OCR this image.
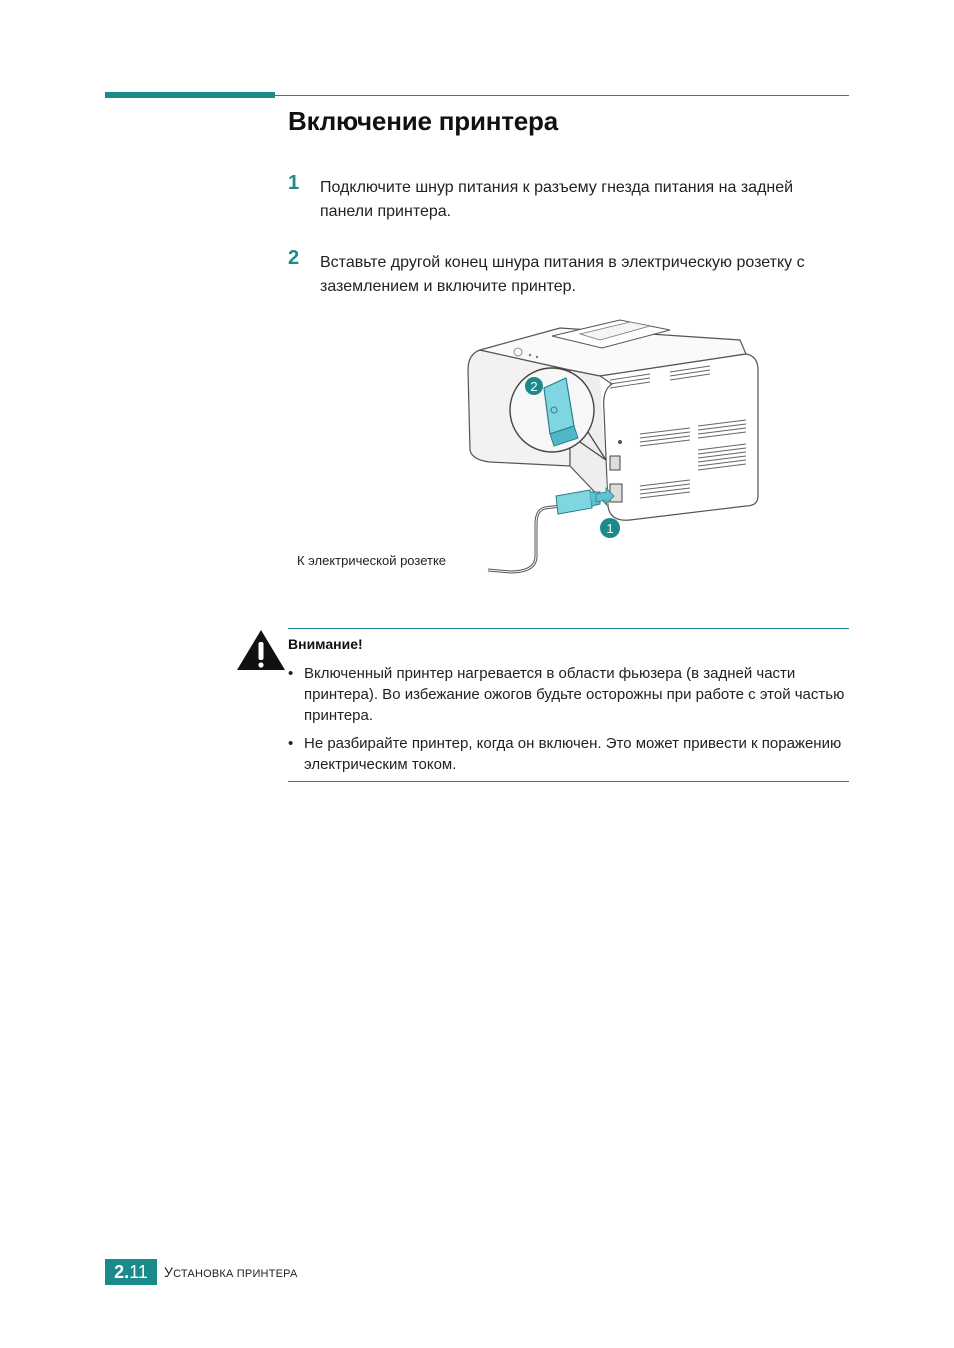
Включение принтера
1 Подключите шнур питания к разъему гнезда питания на задней панели принтера.
2 Вставьте другой конец шнура питания в электрическую розетку с заземлением и включите принтер.
2
1
К электрической розетке
Внимание!
• Включенный принтер нагревается в области фьюзера (в задней части принтера). Во избежание ожогов будьте осторожны при работе с этой частью принтера.
• Не разбирайте принтер, когда он включен. Это может привести к поражению электрическим током.
2.11	УСТАНОВКА ПРИНТЕРА
